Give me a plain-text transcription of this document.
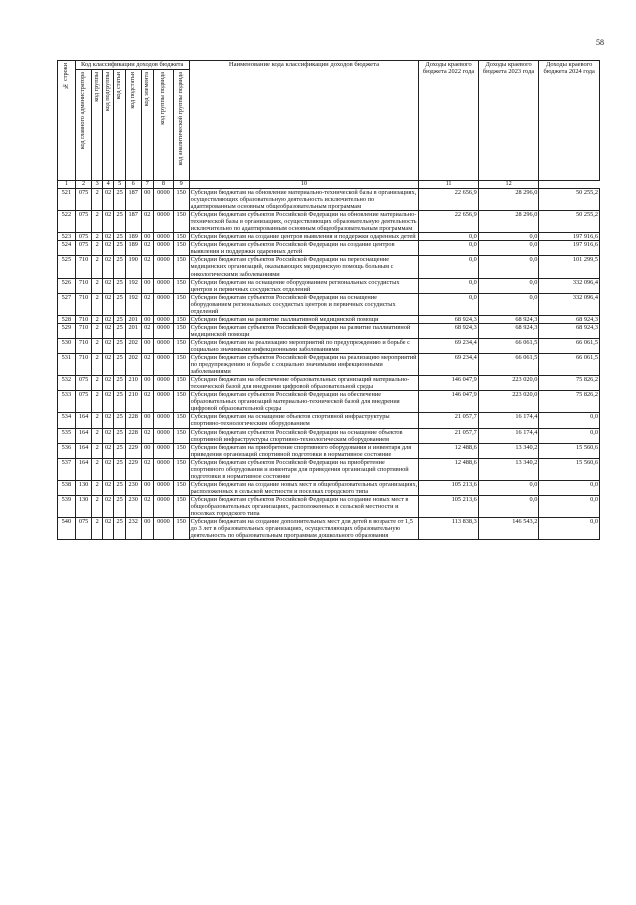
58
№ строки	Код классификации доходов бюджета								Наименование кода классификации доходов бюджета	Доходы краевого бюджета 2022 года	Доходы краевого бюджета 2023 года	Доходы краевого бюджета 2024 года

	код главного администратора	код группы	код подгруппы	код статьи	код подстатьи	код элемента	код группы подвида	код аналитической группы подвида				

1	2	3	4	5	6	7	8	9	10	11	12	
521	075	2	02	25	187	00	0000	150	Субсидии бюджетам на обновление материально-технической базы в организациях, осуществляющих образовательную деятельность исключительно по адаптированным основным общеобразовательным программам	22 656,9	28 296,0	50 255,2
522	075	2	02	25	187	02	0000	150	Субсидии бюджетам субъектов Российской Федерации на обновление материально-технической базы в организациях, осуществляющих образовательную деятельность исключительно по адаптированным основным общеобразовательным программам	22 656,9	28 296,0	50 255,2
523	075	2	02	25	189	00	0000	150	Субсидии бюджетам на создание центров выявления и поддержки одаренных детей	0,0	0,0	197 916,6
524	075	2	02	25	189	02	0000	150	Субсидии бюджетам субъектов Российской Федерации на создание центров выявления и поддержки одаренных детей	0,0	0,0	197 916,6
525	710	2	02	25	190	02	0000	150	Субсидии бюджетам субъектов Российской Федерации на переоснащение медицинских организаций, оказывающих медицинскую помощь больным с онкологическими заболеваниями	0,0	0,0	101 299,5
526	710	2	02	25	192	00	0000	150	Субсидии бюджетам на оснащение оборудованием региональных сосудистых центров и первичных сосудистых отделений	0,0	0,0	332 096,4
527	710	2	02	25	192	02	0000	150	Субсидии бюджетам субъектов Российской Федерации на оснащение оборудованием региональных сосудистых центров и первичных сосудистых отделений	0,0	0,0	332 096,4
528	710	2	02	25	201	00	0000	150	Субсидии бюджетам на развитие паллиативной медицинской помощи	68 924,3	68 924,3	68 924,3
529	710	2	02	25	201	02	0000	150	Субсидии бюджетам субъектов Российской Федерации на развитие паллиативной медицинской помощи	68 924,3	68 924,3	68 924,3
530	710	2	02	25	202	00	0000	150	Субсидии бюджетам на реализацию мероприятий по предупреждению и борьбе с социально значимыми инфекционными заболеваниями	69 234,4	66 061,5	66 061,5
531	710	2	02	25	202	02	0000	150	Субсидии бюджетам субъектов Российской Федерации на реализацию мероприятий по предупреждению и борьбе с социально значимыми инфекционными заболеваниями	69 234,4	66 061,5	66 061,5
532	075	2	02	25	210	00	0000	150	Субсидии бюджетам на обеспечение образовательных организаций материально-технической базой для внедрения цифровой образовательной среды	146 047,9	223 020,0	75 826,2
533	075	2	02	25	210	02	0000	150	Субсидии бюджетам субъектов Российской Федерации на обеспечение образовательных организаций материально-технической базой для внедрения цифровой образовательной среды	146 047,9	223 020,0	75 826,2
534	164	2	02	25	228	00	0000	150	Субсидии бюджетам на оснащение объектов спортивной инфраструктуры спортивно-технологическим оборудованием	21 057,7	16 174,4	0,0
535	164	2	02	25	228	02	0000	150	Субсидии бюджетам субъектов Российской Федерации на оснащение объектов спортивной инфраструктуры спортивно-технологическим оборудованием	21 057,7	16 174,4	0,0
536	164	2	02	25	229	00	0000	150	Субсидии бюджетам на приобретение спортивного оборудования и инвентаря для приведения организаций спортивной подготовки в нормативное состояние	12 488,6	13 340,2	15 560,6
537	164	2	02	25	229	02	0000	150	Субсидии бюджетам субъектов Российской Федерации на приобретение спортивного оборудования и инвентаря для приведения организаций спортивной подготовки в нормативное состояние	12 488,6	13 340,2	15 560,6
538	130	2	02	25	230	00	0000	150	Субсидии бюджетам на создание новых мест в общеобразовательных организациях, расположенных в сельской местности и поселках городского типа	105 213,6	0,0	0,0
539	130	2	02	25	230	02	0000	150	Субсидии бюджетам субъектов Российской Федерации на создание новых мест в общеобразовательных организациях, расположенных в сельской местности и поселках городского типа	105 213,6	0,0	0,0
540	075	2	02	25	232	00	0000	150	Субсидии бюджетам на создание дополнительных мест для детей в возрасте от 1,5 до 3 лет в образовательных организациях, осуществляющих образовательную деятельность по образовательным программам дошкольного образования	113 838,3	146 543,2	0,0
